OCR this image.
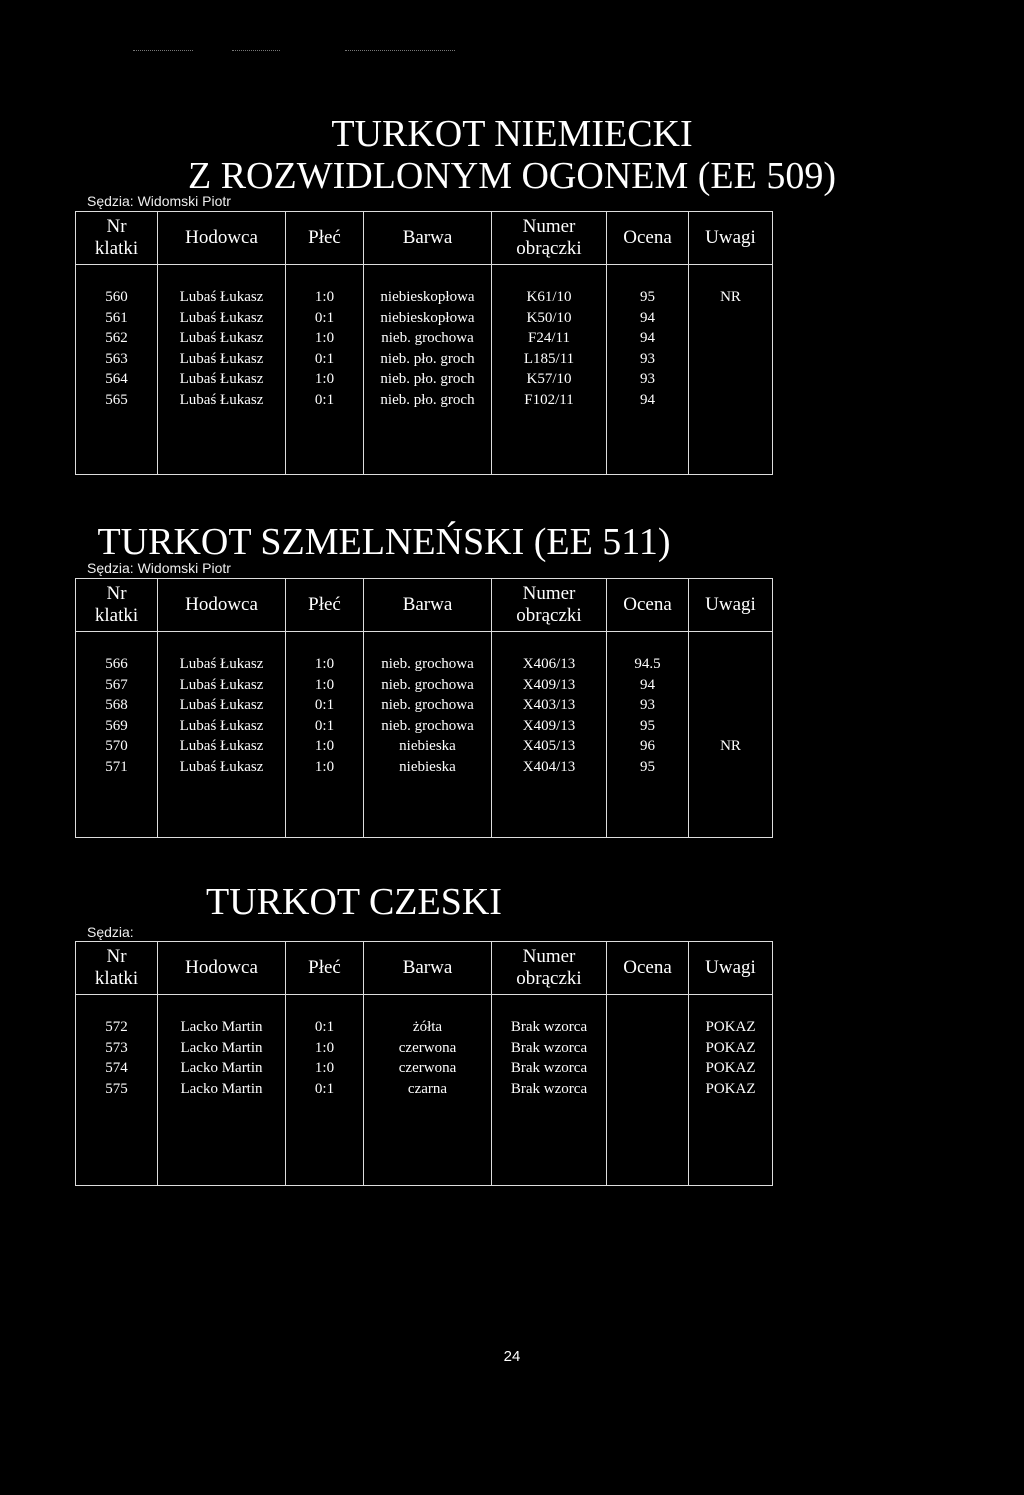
TURKOT NIEMIECKI
Z ROZWIDLONYM OGONEM (EE 509)
Sędzia: Widomski Piotr
Nr
klatki	Hodowca	Płeć	Barwa	Numer
obrączki	Ocena	Uwagi
560	Lubaś Łukasz	1:0	niebieskopłowa	K61/10	95	NR
561	Lubaś Łukasz	0:1	niebieskopłowa	K50/10	94	
562	Lubaś Łukasz	1:0	nieb. grochowa	F24/11	94	
563	Lubaś Łukasz	0:1	nieb. pło. groch	L185/11	93	
564	Lubaś Łukasz	1:0	nieb. pło. groch	K57/10	93	
565	Lubaś Łukasz	0:1	nieb. pło. groch	F102/11	94	

TURKOT SZMELNEŃSKI (EE 511)
Sędzia: Widomski Piotr
Nr
klatki	Hodowca	Płeć	Barwa	Numer
obrączki	Ocena	Uwagi
566	Lubaś Łukasz	1:0	nieb. grochowa	X406/13	94.5	
567	Lubaś Łukasz	1:0	nieb. grochowa	X409/13	94	
568	Lubaś Łukasz	0:1	nieb. grochowa	X403/13	93	
569	Lubaś Łukasz	0:1	nieb. grochowa	X409/13	95	
570	Lubaś Łukasz	1:0	niebieska	X405/13	96	NR
571	Lubaś Łukasz	1:0	niebieska	X404/13	95	

TURKOT CZESKI
Sędzia:
Nr
klatki	Hodowca	Płeć	Barwa	Numer
obrączki	Ocena	Uwagi
572	Lacko Martin	0:1	żółta	Brak wzorca		POKAZ
573	Lacko Martin	1:0	czerwona	Brak wzorca		POKAZ
574	Lacko Martin	1:0	czerwona	Brak wzorca		POKAZ
575	Lacko Martin	0:1	czarna	Brak wzorca		POKAZ

24
